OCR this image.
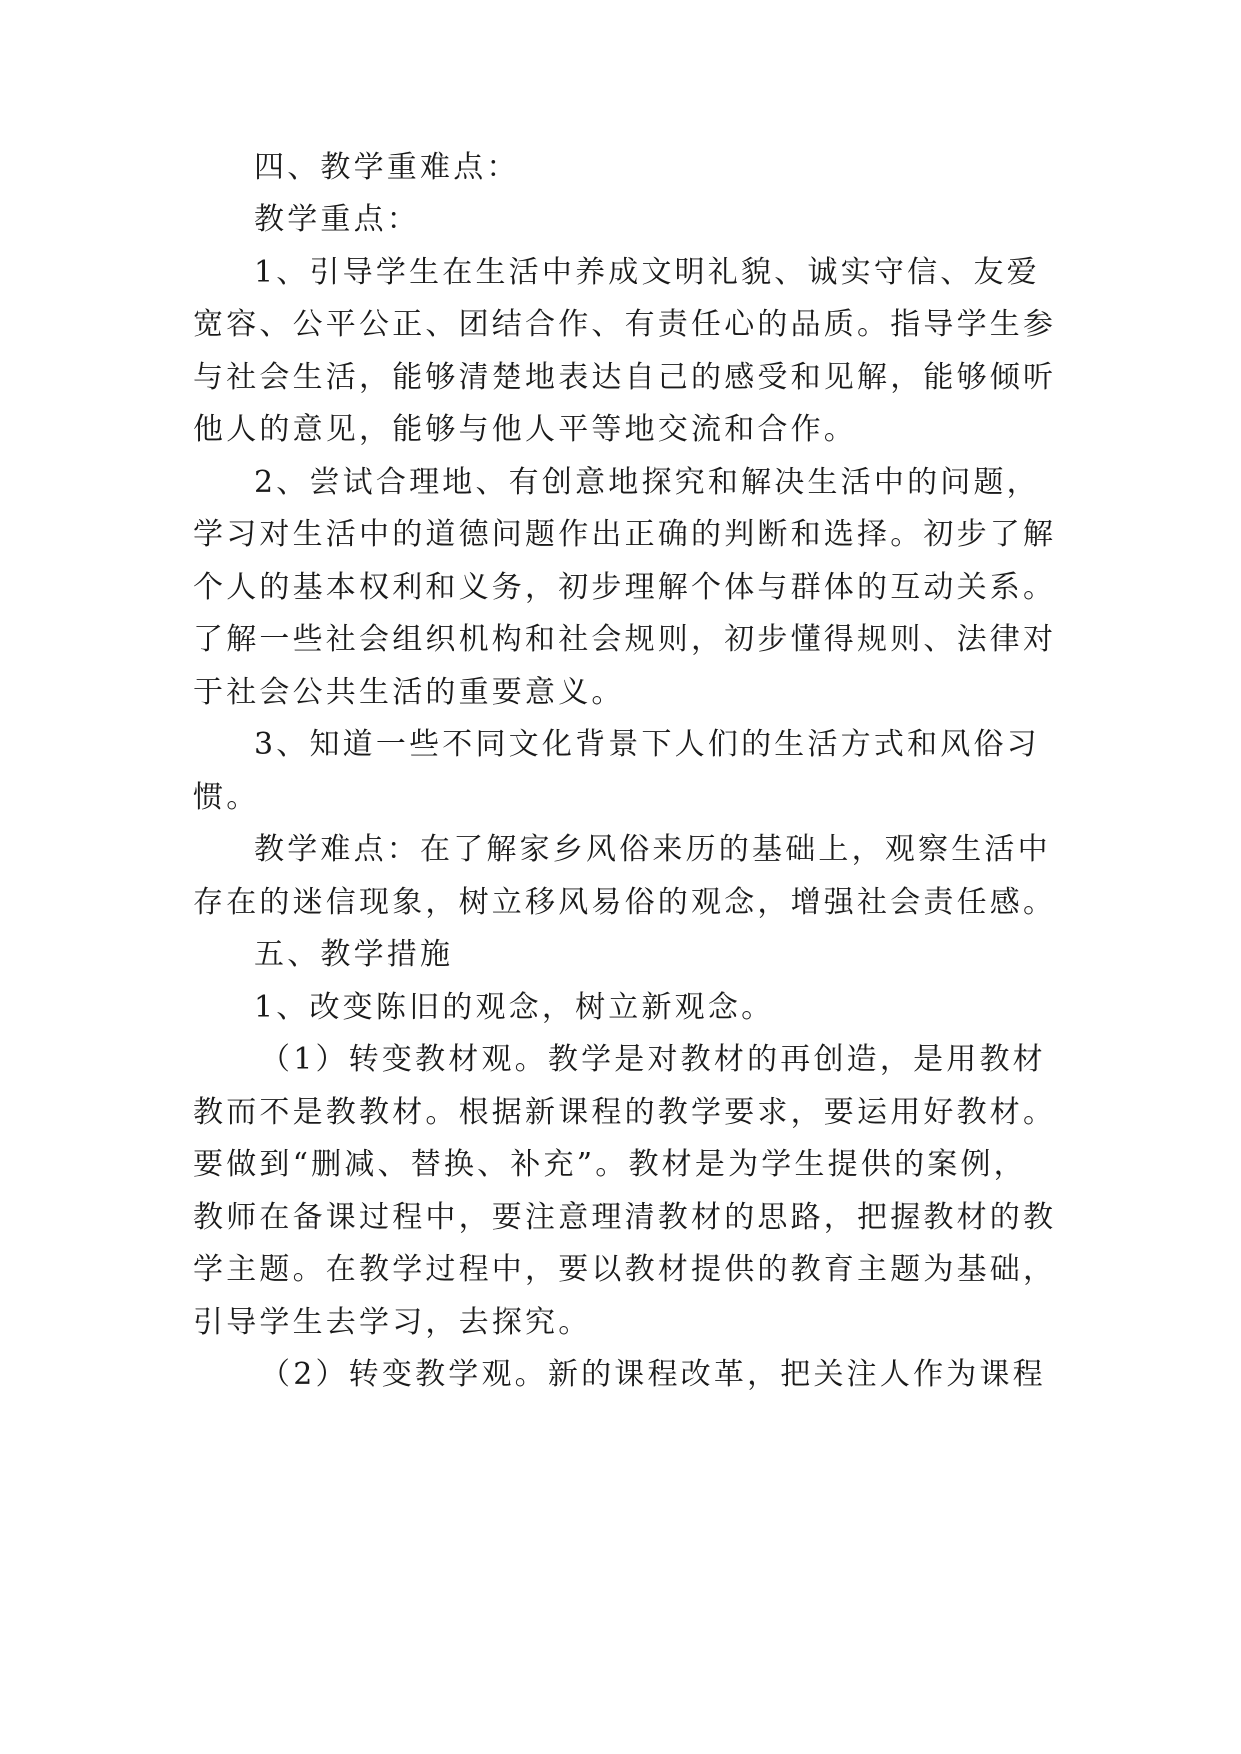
四、教学重难点：
教学重点：
1、引导学生在生活中养成文明礼貌、诚实守信、友爱
宽容、公平公正、团结合作、有责任心的品质。指导学生参
与社会生活，能够清楚地表达自己的感受和见解，能够倾听
他人的意见，能够与他人平等地交流和合作。
2、尝试合理地、有创意地探究和解决生活中的问题，
学习对生活中的道德问题作出正确的判断和选择。初步了解
个人的基本权利和义务，初步理解个体与群体的互动关系。
了解一些社会组织机构和社会规则，初步懂得规则、法律对
于社会公共生活的重要意义。
3、知道一些不同文化背景下人们的生活方式和风俗习
惯。
教学难点：在了解家乡风俗来历的基础上，观察生活中
存在的迷信现象，树立移风易俗的观念，增强社会责任感。
五、教学措施
1、改变陈旧的观念，树立新观念。
（1）转变教材观。教学是对教材的再创造，是用教材
教而不是教教材。根据新课程的教学要求，要运用好教材。
要做到“删减、替换、补充”。教材是为学生提供的案例，
教师在备课过程中，要注意理清教材的思路，把握教材的教
学主题。在教学过程中，要以教材提供的教育主题为基础，
引导学生去学习，去探究。
（2）转变教学观。新的课程改革，把关注人作为课程
